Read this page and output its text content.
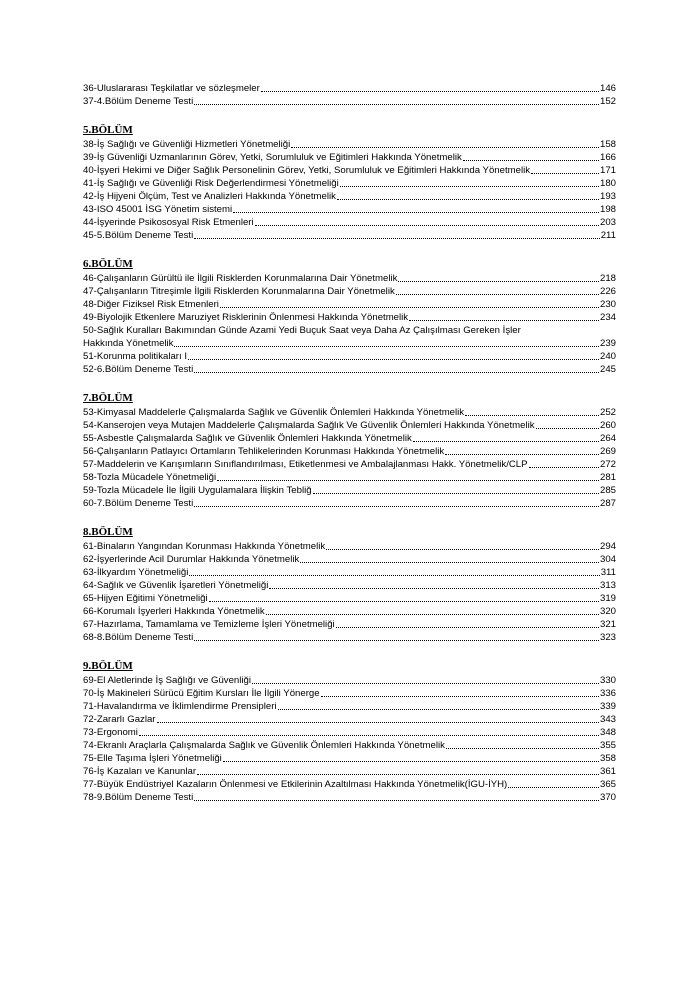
36-Uluslararası Teşkilatlar ve sözleşmeler	146
37-4.Bölüm Deneme Testi	152
5.BÖLÜM
38-İş Sağlığı ve Güvenliği Hizmetleri Yönetmeliği	158
39-İş Güvenliği Uzmanlarının Görev, Yetki, Sorumluluk ve Eğitimleri Hakkında Yönetmelik	166
40-İşyeri Hekimi ve Diğer Sağlık Personelinin Görev, Yetki, Sorumluluk ve Eğitimleri Hakkında Yönetmelik	171
41-İş Sağlığı ve Güvenliği Risk Değerlendirmesi Yönetmeliği	180
42-İş Hijyeni Ölçüm, Test ve Analizleri Hakkında Yönetmelik	193
43-ISO 45001 İSG Yönetim sistemi	198
44-İşyerinde Psikososyal Risk Etmenleri	203
45-5.Bölüm Deneme Testi	211
6.BÖLÜM
46-Çalışanların Gürültü ile İlgili Risklerden Korunmalarına Dair Yönetmelik	218
47-Çalışanların Titreşimle İlgili Risklerden Korunmalarına Dair Yönetmelik	226
48-Diğer Fiziksel Risk Etmenleri	230
49-Biyolojik Etkenlere Maruziyet Risklerinin Önlenmesi Hakkında Yönetmelik	234
50-Sağlık Kuralları Bakımından Günde Azami Yedi Buçuk Saat veya Daha Az Çalışılması Gereken İşler
Hakkında Yönetmelik	239
51-Korunma politikaları I	240
52-6.Bölüm Deneme Testi	245
7.BÖLÜM
53-Kimyasal Maddelerle Çalışmalarda Sağlık ve Güvenlik Önlemleri Hakkında Yönetmelik	252
54-Kanserojen veya Mutajen Maddelerle Çalışmalarda Sağlık Ve Güvenlik Önlemleri Hakkında Yönetmelik	260
55-Asbestle Çalışmalarda Sağlık ve Güvenlik Önlemleri Hakkında Yönetmelik	264
56-Çalışanların Patlayıcı Ortamların Tehlikelerinden Korunması Hakkında Yönetmelik	269
57-Maddelerin ve Karışımların Sınıflandırılması, Etiketlenmesi ve Ambalajlanması Hakk. Yönetmelik/CLP	272
58-Tozla Mücadele Yönetmeliği	281
59-Tozla Mücadele İle İlgili Uygulamalara İlişkin Tebliğ	285
60-7.Bölüm Deneme Testi	287
8.BÖLÜM
61-Binaların Yangından Korunması Hakkında Yönetmelik	294
62-İşyerlerinde Acil Durumlar Hakkında Yönetmelik	304
63-İlkyardım Yönetmeliği	311
64-Sağlık ve Güvenlik İşaretleri Yönetmeliği	313
65-Hijyen Eğitimi Yönetmeliği	319
66-Korumalı İşyerleri Hakkında Yönetmelik	320
67-Hazırlama, Tamamlama ve Temizleme İşleri Yönetmeliği	321
68-8.Bölüm Deneme Testi	323
9.BÖLÜM
69-El Aletlerinde İş Sağlığı ve Güvenliği	330
70-İş Makineleri Sürücü Eğitim Kursları İle İlgili Yönerge	336
71-Havalandırma ve İklimlendirme Prensipleri	339
72-Zararlı Gazlar	343
73-Ergonomi	348
74-Ekranlı Araçlarla Çalışmalarda Sağlık ve Güvenlik Önlemleri Hakkında Yönetmelik	355
75-Elle Taşıma İşleri Yönetmeliği	358
76-İş Kazaları ve Kanunlar	361
77-Büyük Endüstriyel Kazaların Önlenmesi ve Etkilerinin Azaltılması Hakkında Yönetmelik(İGU-İYH)	365
78-9.Bölüm Deneme Testi	370
